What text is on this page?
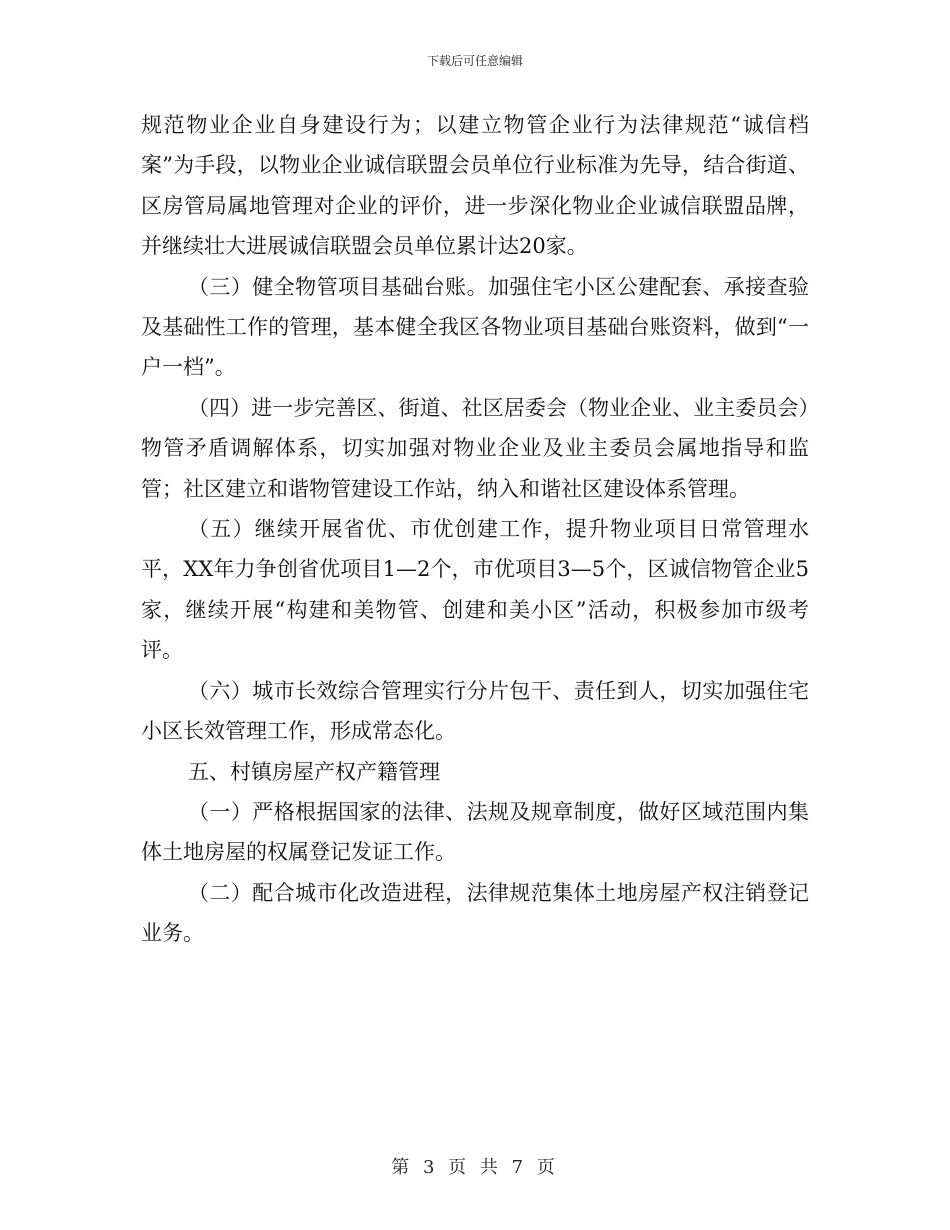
下载后可任意编辑

规范物业企业自身建设行为；以建立物管企业行为法律规范“诚信档案”为手段，以物业企业诚信联盟会员单位行业标准为先导，结合街道、区房管局属地管理对企业的评价，进一步深化物业企业诚信联盟品牌，并继续壮大进展诚信联盟会员单位累计达20家。

（三）健全物管项目基础台账。加强住宅小区公建配套、承接查验及基础性工作的管理，基本健全我区各物业项目基础台账资料，做到“一户一档”。

（四）进一步完善区、街道、社区居委会（物业企业、业主委员会）物管矛盾调解体系，切实加强对物业企业及业主委员会属地指导和监管；社区建立和谐物管建设工作站，纳入和谐社区建设体系管理。

（五）继续开展省优、市优创建工作，提升物业项目日常管理水平，XX年力争创省优项目1—2个，市优项目3—5个，区诚信物管企业5家，继续开展“构建和美物管、创建和美小区”活动，积极参加市级考评。

（六）城市长效综合管理实行分片包干、责任到人，切实加强住宅小区长效管理工作，形成常态化。

五、村镇房屋产权产籍管理

（一）严格根据国家的法律、法规及规章制度，做好区域范围内集体土地房屋的权属登记发证工作。

（二）配合城市化改造进程，法律规范集体土地房屋产权注销登记业务。

第 3 页 共 7 页
